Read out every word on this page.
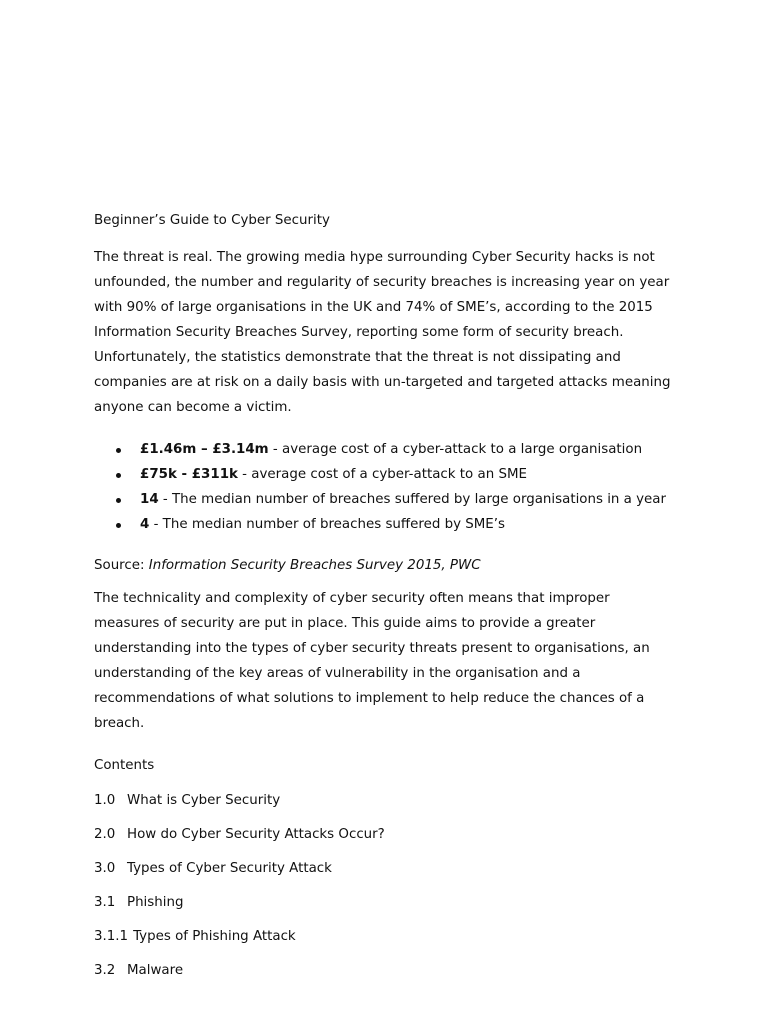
Beginner’s Guide to Cyber Security

The threat is real. The growing media hype surrounding Cyber Security hacks is not unfounded, the number and regularity of security breaches is increasing year on year with 90% of large organisations in the UK and 74% of SME’s, according to the 2015 Information Security Breaches Survey, reporting some form of security breach. Unfortunately, the statistics demonstrate that the threat is not dissipating and companies are at risk on a daily basis with un-targeted and targeted attacks meaning anyone can become a victim.

£1.46m – £3.14m - average cost of a cyber-attack to a large organisation
£75k - £311k - average cost of a cyber-attack to an SME
14 - The median number of breaches suffered by large organisations in a year
4 - The median number of breaches suffered by SME’s

Source: Information Security Breaches Survey 2015, PWC

The technicality and complexity of cyber security often means that improper measures of security are put in place. This guide aims to provide a greater understanding into the types of cyber security threats present to organisations, an understanding of the key areas of vulnerability in the organisation and a recommendations of what solutions to implement to help reduce the chances of a breach.

Contents

1.0 What is Cyber Security

2.0 How do Cyber Security Attacks Occur?

3.0 Types of Cyber Security Attack

3.1 Phishing

3.1.1 Types of Phishing Attack

3.2 Malware
